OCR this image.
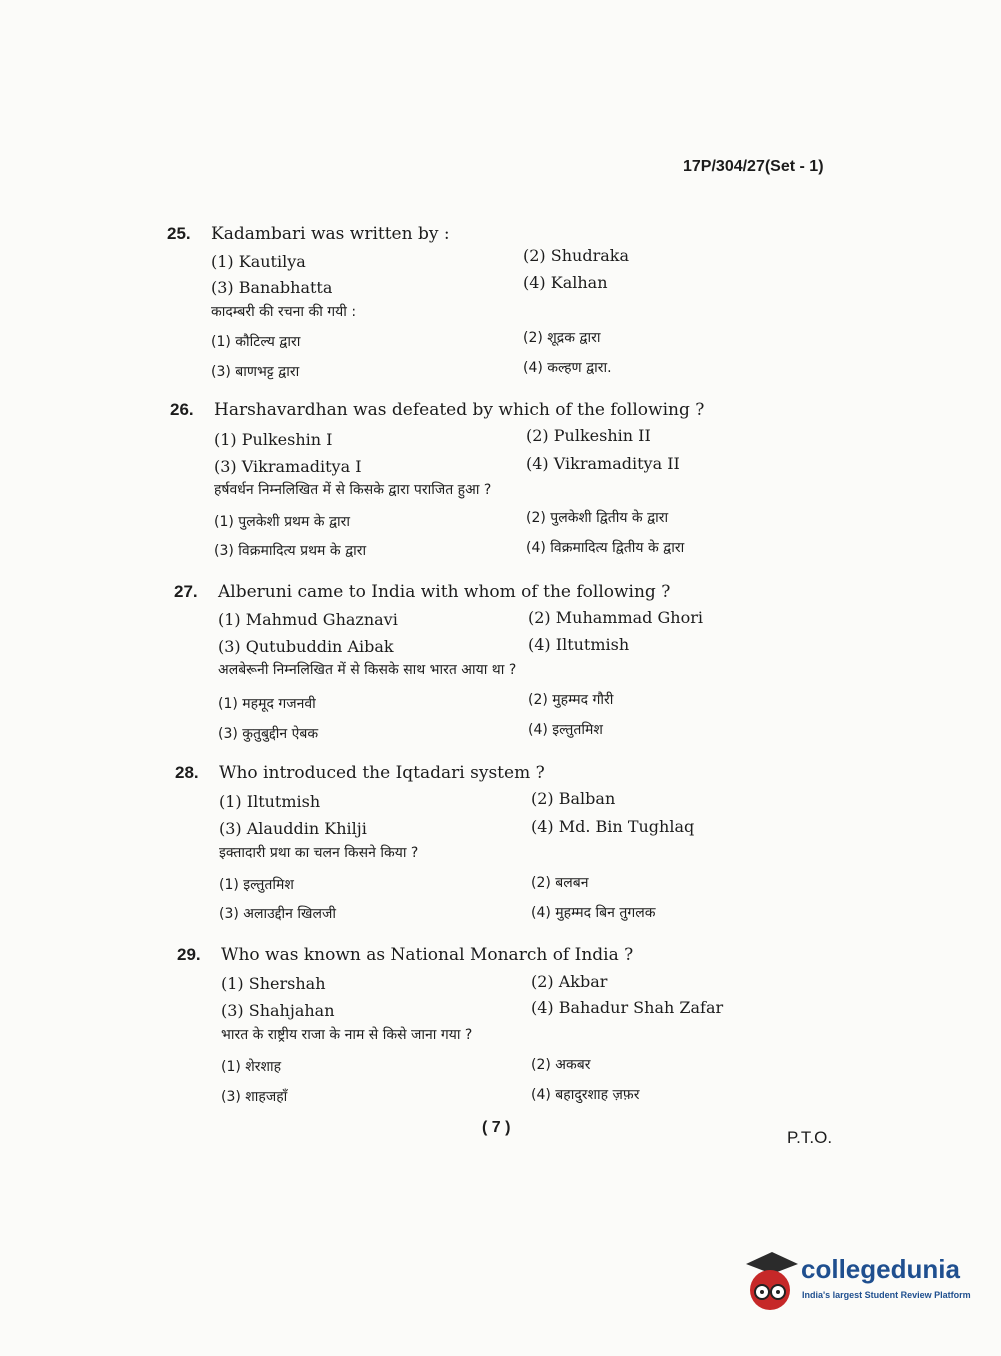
17P/304/27(Set - 1)
25. Kadambari was written by :
(1) Kautilya	(2) Shudraka
(3) Banabhatta	(4) Kalhan
कादम्बरी की रचना की गयी :
(1) कौटिल्य द्वारा	(2) शूद्रक द्वारा
(3) बाणभट्ट द्वारा	(4) कल्हण द्वारा.
26. Harshavardhan was defeated by which of the following ?
(1) Pulkeshin I	(2) Pulkeshin II
(3) Vikramaditya I	(4) Vikramaditya II
हर्षवर्धन निम्नलिखित में से किसके द्वारा पराजित हुआ ?
(1) पुलकेशी प्रथम के द्वारा	(2) पुलकेशी द्वितीय के द्वारा
(3) विक्रमादित्य प्रथम के द्वारा	(4) विक्रमादित्य द्वितीय के द्वारा
27. Alberuni came to India with whom of the following ?
(1) Mahmud Ghaznavi	(2) Muhammad Ghori
(3) Qutubuddin Aibak	(4) Iltutmish
अलबेरूनी निम्नलिखित में से किसके साथ भारत आया था ?
(1) महमूद गजनवी	(2) मुहम्मद गौरी
(3) कुतुबुद्दीन ऐबक	(4) इल्तुतमिश
28. Who introduced the Iqtadari system ?
(1) Iltutmish	(2) Balban
(3) Alauddin Khilji	(4) Md. Bin Tughlaq
इक्तादारी प्रथा का चलन किसने किया ?
(1) इल्तुतमिश	(2) बलबन
(3) अलाउद्दीन खिलजी	(4) मुहम्मद बिन तुगलक
29. Who was known as National Monarch of India ?
(1) Shershah	(2) Akbar
(3) Shahjahan	(4) Bahadur Shah Zafar
भारत के राष्ट्रीय राजा के नाम से किसे जाना गया ?
(1) शेरशाह	(2) अकबर
(3) शाहजहाँ	(4) बहादुरशाह ज़फ़र
( 7 )
P.T.O.
collegedunia
India's largest Student Review Platform
